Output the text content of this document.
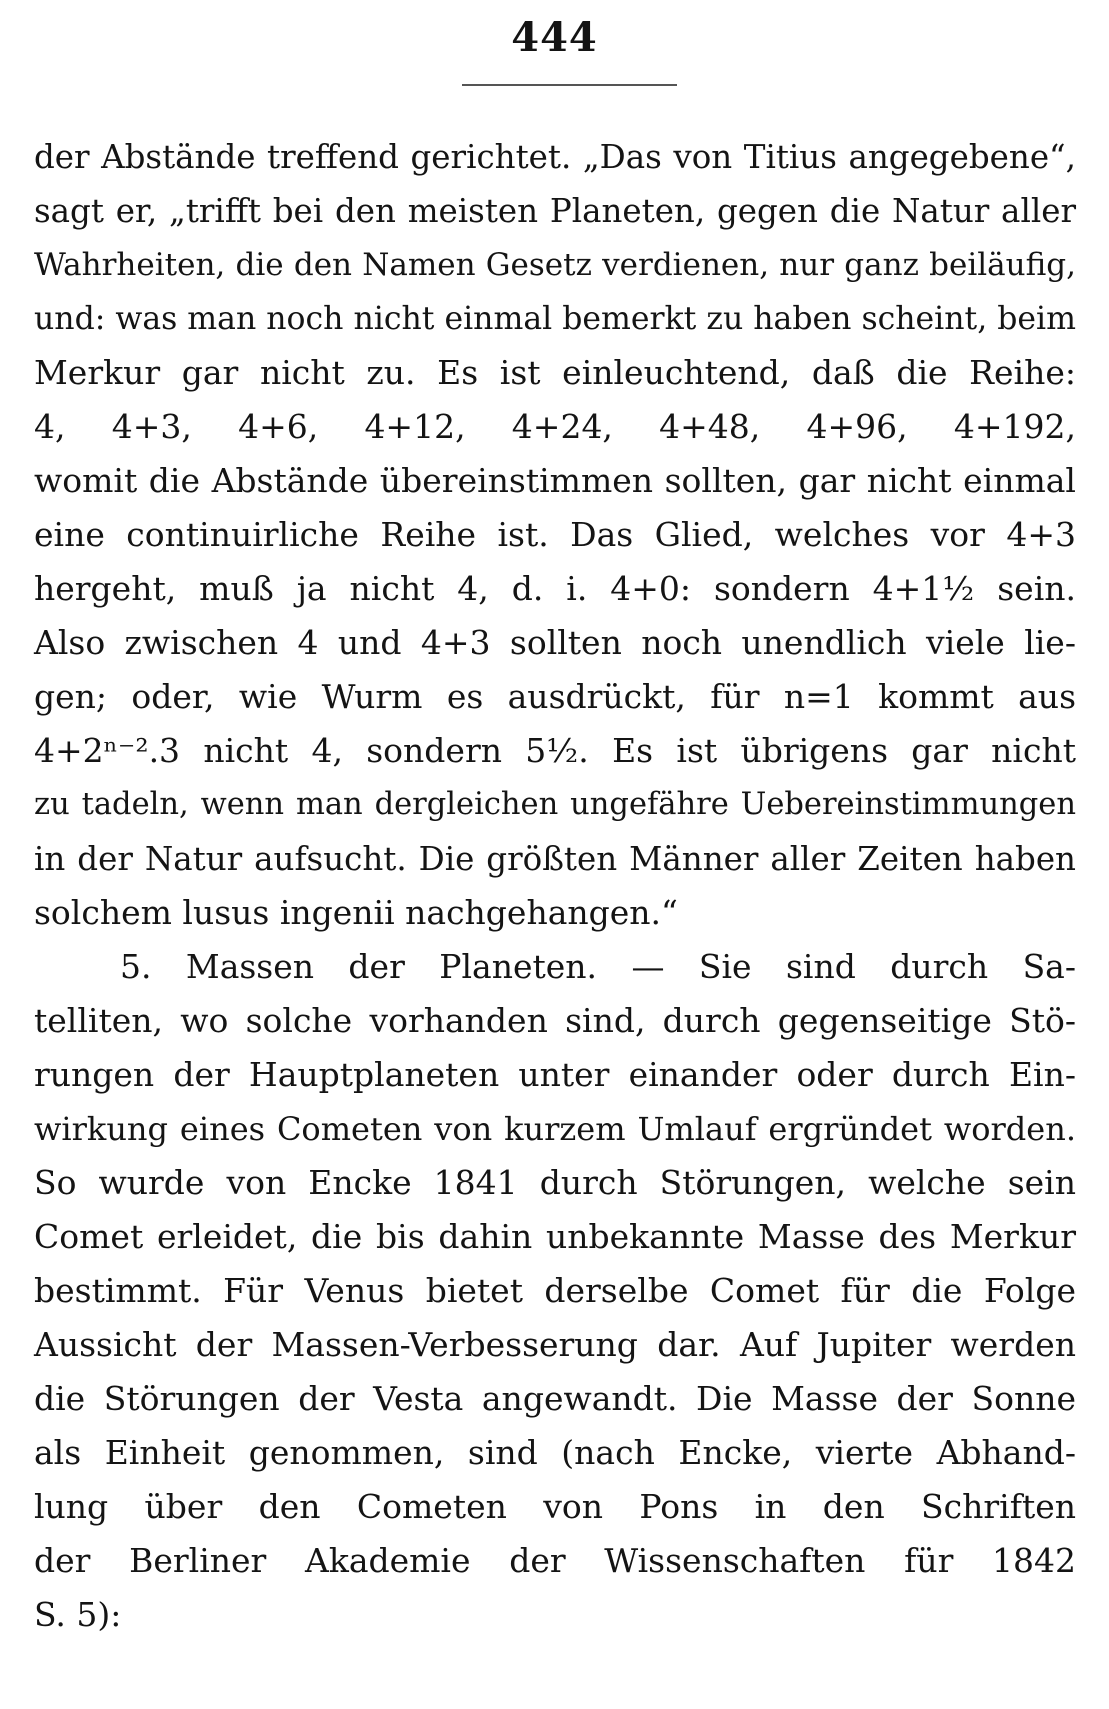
444
der Abstände treffend gerichtet. „Das von Titius angegebene“,
sagt er, „trifft bei den meisten Planeten, gegen die Natur aller
Wahrheiten, die den Namen Gesetz verdienen, nur ganz beiläufig,
und: was man noch nicht einmal bemerkt zu haben scheint, beim
Merkur gar nicht zu. Es ist einleuchtend, daß die Reihe:
4, 4+3, 4+6, 4+12, 4+24, 4+48, 4+96, 4+192,
womit die Abstände übereinstimmen sollten, gar nicht einmal
eine continuirliche Reihe ist. Das Glied, welches vor 4+3
hergeht, muß ja nicht 4, d. i. 4+0: sondern 4+1½ sein.
Also zwischen 4 und 4+3 sollten noch unendlich viele lie-
gen; oder, wie Wurm es ausdrückt, für n=1 kommt aus
4+2ⁿ⁻².3 nicht 4, sondern 5½. Es ist übrigens gar nicht
zu tadeln, wenn man dergleichen ungefähre Uebereinstimmungen
in der Natur aufsucht. Die größten Männer aller Zeiten haben
solchem lusus ingenii nachgehangen.“
5. Massen der Planeten. — Sie sind durch Sa-
telliten, wo solche vorhanden sind, durch gegenseitige Stö-
rungen der Hauptplaneten unter einander oder durch Ein-
wirkung eines Cometen von kurzem Umlauf ergründet worden.
So wurde von Encke 1841 durch Störungen, welche sein
Comet erleidet, die bis dahin unbekannte Masse des Merkur
bestimmt. Für Venus bietet derselbe Comet für die Folge
Aussicht der Massen-Verbesserung dar. Auf Jupiter werden
die Störungen der Vesta angewandt. Die Masse der Sonne
als Einheit genommen, sind (nach Encke, vierte Abhand-
lung über den Cometen von Pons in den Schriften
der Berliner Akademie der Wissenschaften für 1842
S. 5):
